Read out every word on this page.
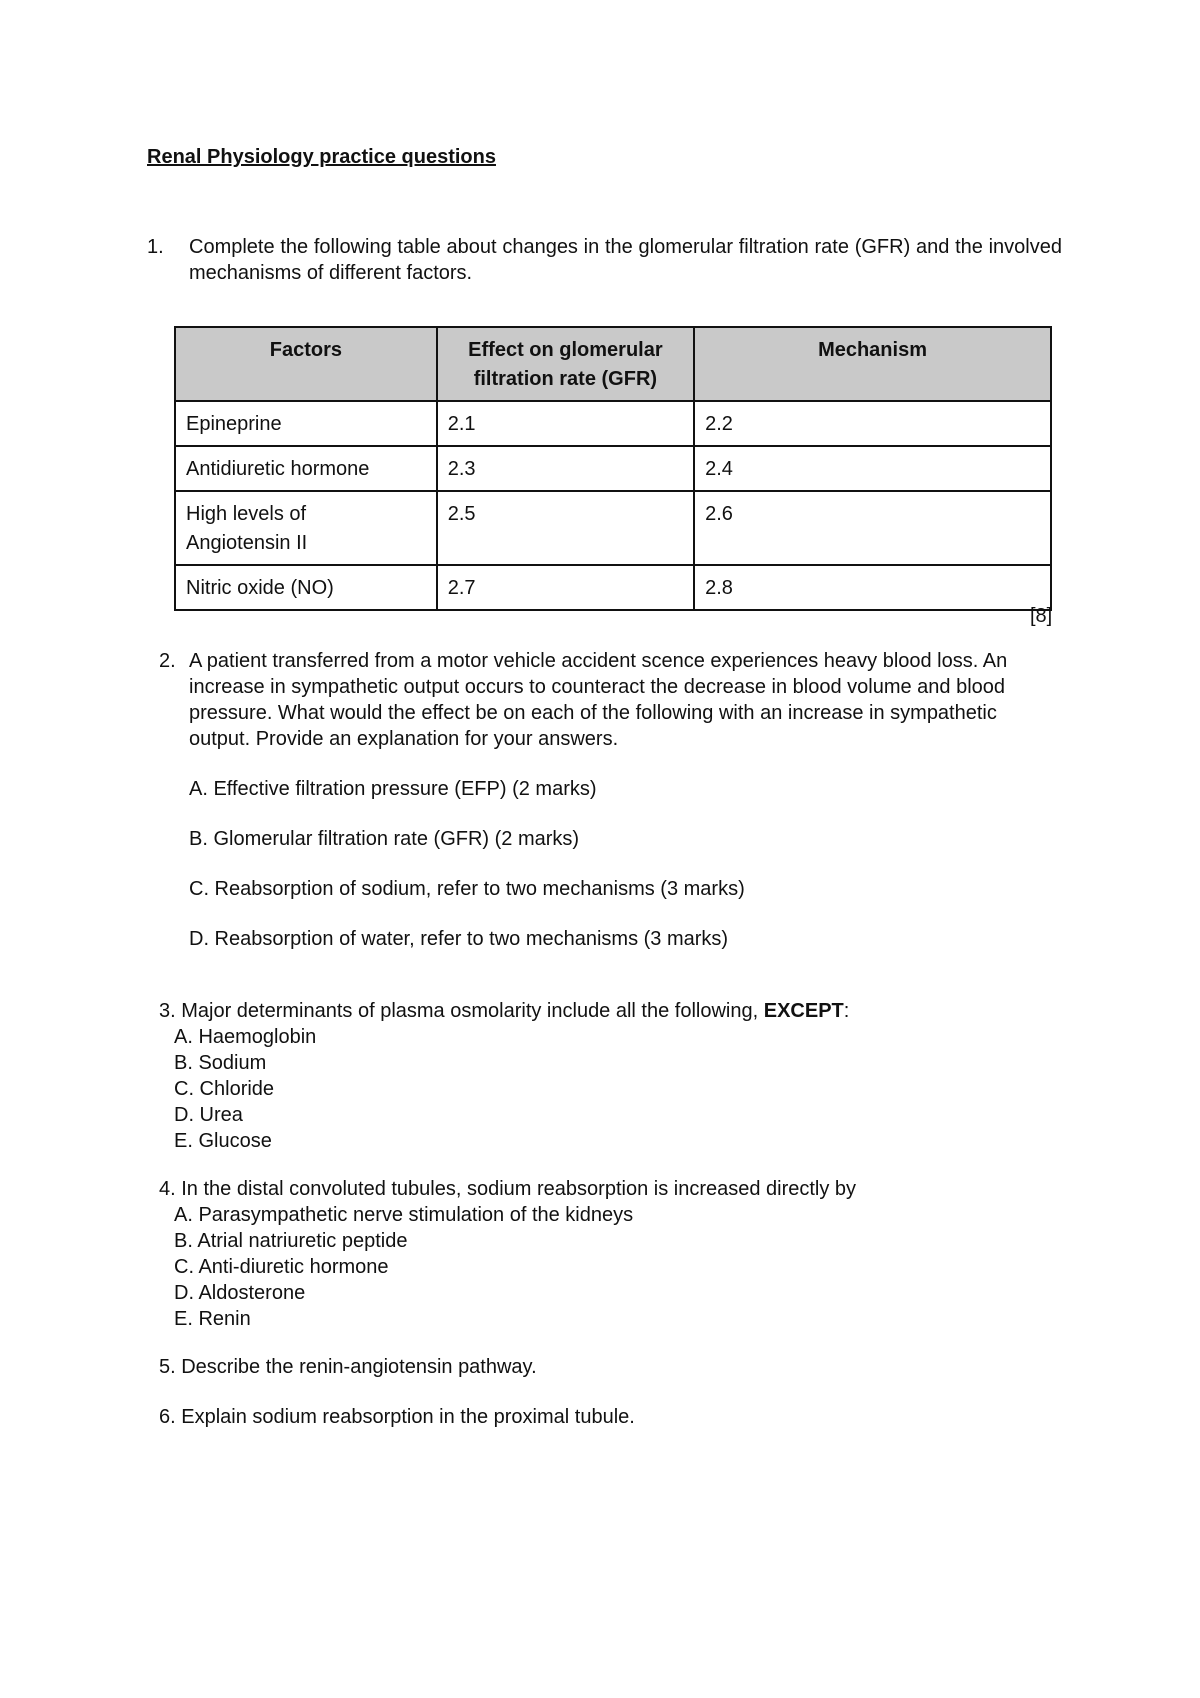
Renal Physiology practice questions
1. Complete the following table about changes in the glomerular filtration rate (GFR) and the involved mechanisms of different factors.
Factors	Effect on glomerular filtration rate (GFR)	Mechanism
Epineprine	2.1	2.2
Antidiuretic hormone	2.3	2.4
High levels of Angiotensin II	2.5	2.6
Nitric oxide (NO)	2.7	2.8
[8]
2. A patient transferred from a motor vehicle accident scence experiences heavy blood loss. An increase in sympathetic output occurs to counteract the decrease in blood volume and blood pressure. What would the effect be on each of the following with an increase in sympathetic output. Provide an explanation for your answers.
A. Effective filtration pressure (EFP) (2 marks)
B. Glomerular filtration rate (GFR) (2 marks)
C. Reabsorption of sodium, refer to two mechanisms (3 marks)
D. Reabsorption of water, refer to two mechanisms (3 marks)
3. Major determinants of plasma osmolarity include all the following, EXCEPT:
A. Haemoglobin
B. Sodium
C. Chloride
D. Urea
E. Glucose
4. In the distal convoluted tubules, sodium reabsorption is increased directly by
A. Parasympathetic nerve stimulation of the kidneys
B. Atrial natriuretic peptide
C. Anti-diuretic hormone
D. Aldosterone
E. Renin
5. Describe the renin-angiotensin pathway.
6. Explain sodium reabsorption in the proximal tubule.
